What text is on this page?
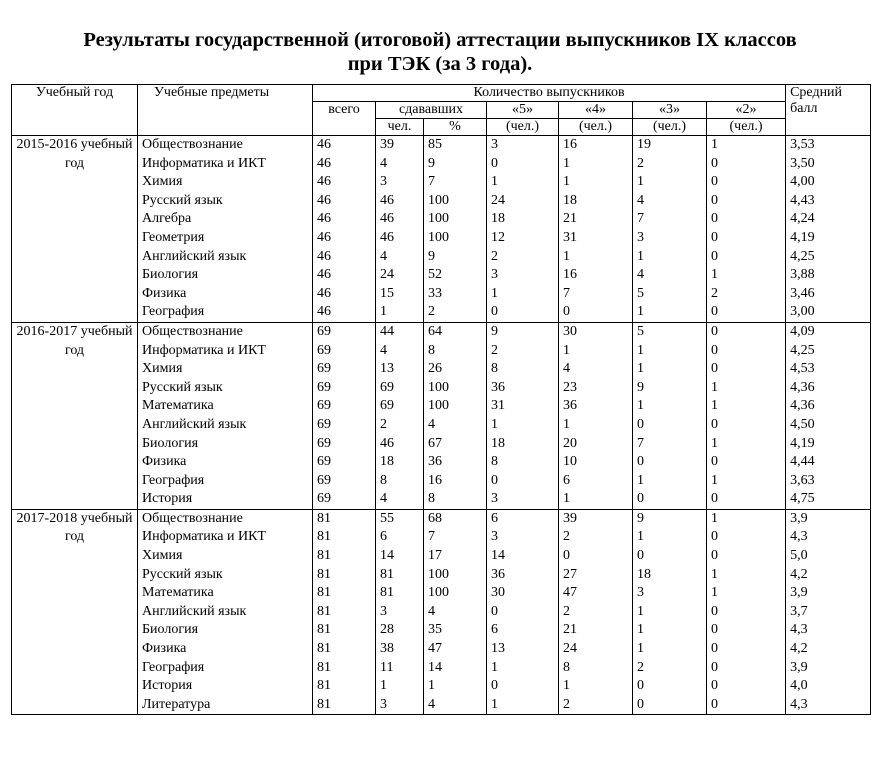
Результаты государственной (итоговой) аттестации выпускников IX классов
при ТЭК (за 3 года).
Учебный год	Учебные предметы	Количество выпускников							Средний балл
		всего	сдававших		«5»	«4»	«3»	«2»	
			чел.	%	(чел.)	(чел.)	(чел.)	(чел.)	
2015-2016 учебный год	Обществознание	46	39	85	3	16	19	1	3,53
	Информатика и ИКТ	46	4	9	0	1	2	0	3,50
	Химия	46	3	7	1	1	1	0	4,00
	Русский язык	46	46	100	24	18	4	0	4,43
	Алгебра	46	46	100	18	21	7	0	4,24
	Геометрия	46	46	100	12	31	3	0	4,19
	Английский язык	46	4	9	2	1	1	0	4,25
	Биология	46	24	52	3	16	4	1	3,88
	Физика	46	15	33	1	7	5	2	3,46
	География	46	1	2	0	0	1	0	3,00
2016-2017 учебный год	Обществознание	69	44	64	9	30	5	0	4,09
	Информатика и ИКТ	69	4	8	2	1	1	0	4,25
	Химия	69	13	26	8	4	1	0	4,53
	Русский язык	69	69	100	36	23	9	1	4,36
	Математика	69	69	100	31	36	1	1	4,36
	Английский язык	69	2	4	1	1	0	0	4,50
	Биология	69	46	67	18	20	7	1	4,19
	Физика	69	18	36	8	10	0	0	4,44
	География	69	8	16	0	6	1	1	3,63
	История	69	4	8	3	1	0	0	4,75
2017-2018 учебный год	Обществознание	81	55	68	6	39	9	1	3,9
	Информатика и ИКТ	81	6	7	3	2	1	0	4,3
	Химия	81	14	17	14	0	0	0	5,0
	Русский язык	81	81	100	36	27	18	1	4,2
	Математика	81	81	100	30	47	3	1	3,9
	Английский язык	81	3	4	0	2	1	0	3,7
	Биология	81	28	35	6	21	1	0	4,3
	Физика	81	38	47	13	24	1	0	4,2
	География	81	11	14	1	8	2	0	3,9
	История	81	1	1	0	1	0	0	4,0
	Литература	81	3	4	1	2	0	0	4,3
